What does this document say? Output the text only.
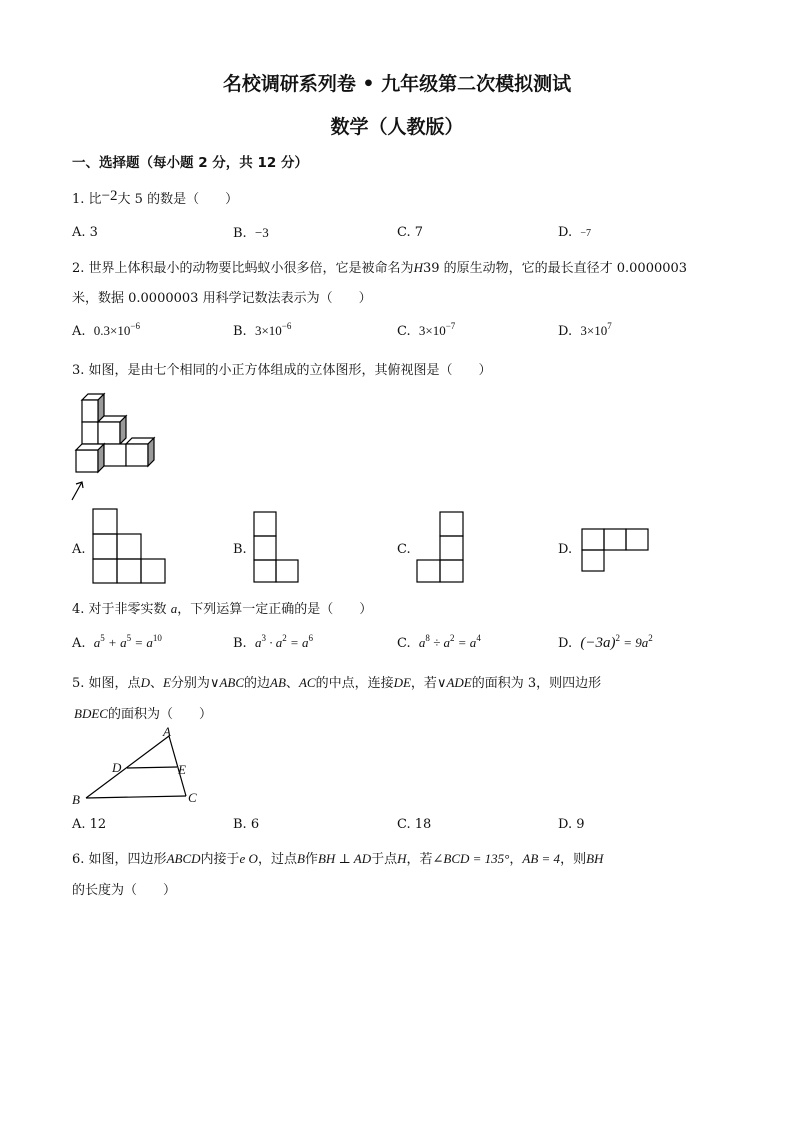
名校调研系列卷 • 九年级第二次模拟测试
数学（人教版）
一、选择题（每小题 2 分，共 12 分）
1. 比−2大 5 的数是（　　）
A. 3	B. −3	C. 7	D. −7
2. 世界上体积最小的动物要比蚂蚁小很多倍，它是被命名为H39 的原生动物，它的最长直径才 0.0000003
米，数据 0.0000003 用科学记数法表示为（　　）
A. $0.3\times 10^{-6}$	B. $3\times 10^{-6}$	C. $3\times 10^{-7}$	D. $3\times 10^7$
3. 如图，是由七个相同的小正方体组成的立体图形，其俯视图是（　　）
A.	B.	C.	D.
4. 对于非零实数 a，下列运算一定正确的是（　　）
A. $a^5 + a^5 = a^{10}$	B. $a^3 \cdot a^2 = a^6$	C. $a^8 \div a^2 = a^4$	D. $(-3a)^2 = 9a^2$
5. 如图，点D、E分别为∨ABC的边AB、AC的中点，连接DE，若∨ADE的面积为 3，则四边形
BDEC的面积为（　　）
A
B	C
D	E
A. 12	B. 6	C. 18	D. 9
6. 如图，四边形ABCD内接于e O，过点B作BH ⊥ AD于点H，若∠BCD = 135°，AB = 4，则BH
的长度为（　　）
